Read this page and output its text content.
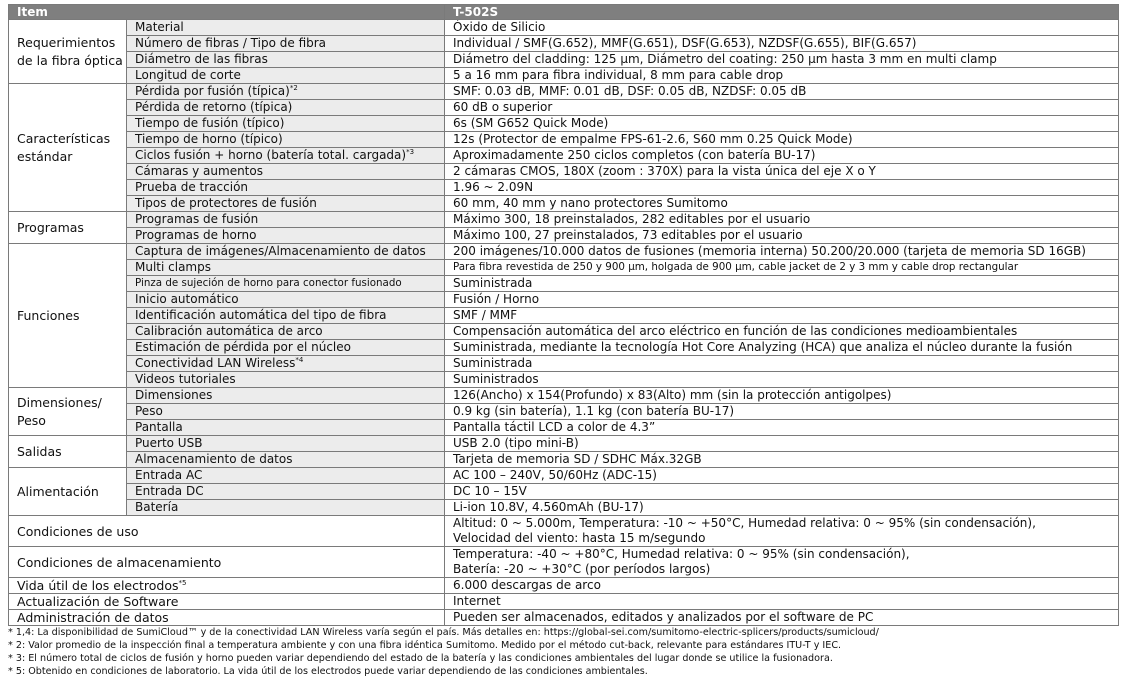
Item		T-502S
Requerimientos de la fibra óptica	Material	Óxido de Silicio
	Número de fibras / Tipo de fibra	Individual / SMF(G.652), MMF(G.651), DSF(G.653), NZDSF(G.655), BIF(G.657)
	Diámetro de las fibras	Diámetro del cladding: 125 µm, Diámetro del coating: 250 µm hasta 3 mm en multi clamp
	Longitud de corte	5 a 16 mm para fibra individual, 8 mm para cable drop
Características estándar	Pérdida por fusión (típica)$^{*2}$	SMF: 0.03 dB, MMF: 0.01 dB, DSF: 0.05 dB, NZDSF: 0.05 dB
	Pérdida de retorno (típica)	60 dB o superior
	Tiempo de fusión (típico)	6s (SM G652 Quick Mode)
	Tiempo de horno (típico)	12s (Protector de empalme FPS-61-2.6, S60 mm 0.25 Quick Mode)
	Ciclos fusión + horno (batería total. cargada)$^{*3}$	Aproximadamente 250 ciclos completos (con batería BU-17)
	Cámaras y aumentos	2 cámaras CMOS, 180X (zoom : 370X) para la vista única del eje X o Y
	Prueba de tracción	1.96 ~ 2.09N
	Tipos de protectores de fusión	60 mm, 40 mm y nano protectores Sumitomo
Programas	Programas de fusión	Máximo 300, 18 preinstalados, 282 editables por el usuario
	Programas de horno	Máximo 100, 27 preinstalados, 73 editables por el usuario
Funciones	Captura de imágenes/Almacenamiento de datos	200 imágenes/10.000 datos de fusiones (memoria interna) 50.200/20.000 (tarjeta de memoria SD 16GB)
	Multi clamps	Para fibra revestida de 250 y 900 µm, holgada de 900 µm, cable jacket de 2 y 3 mm y cable drop rectangular
	Pinza de sujeción de horno para conector fusionado	Suministrada
	Inicio automático	Fusión / Horno
	Identificación automática del tipo de fibra	SMF / MMF
	Calibración automática de arco	Compensación automática del arco eléctrico en función de las condiciones medioambientales
	Estimación de pérdida por el núcleo	Suministrada, mediante la tecnología Hot Core Analyzing (HCA) que analiza el núcleo durante la fusión
	Conectividad LAN Wireless$^{*4}$	Suministrada
	Videos tutoriales	Suministrados
Dimensiones/ Peso	Dimensiones	126(Ancho) x 154(Profundo) x 83(Alto) mm (sin la protección antigolpes)
	Peso	0.9 kg (sin batería), 1.1 kg (con batería BU-17)
	Pantalla	Pantalla táctil LCD a color de 4.3”
Salidas	Puerto USB	USB 2.0 (tipo mini-B)
	Almacenamiento de datos	Tarjeta de memoria SD / SDHC Máx.32GB
Alimentación	Entrada AC	AC 100 – 240V, 50/60Hz (ADC-15)
	Entrada DC	DC 10 – 15V
	Batería	Li-ion 10.8V, 4.560mAh (BU-17)
Condiciones de uso		Altitud: 0 ~ 5.000m, Temperatura: -10 ~ +50°C, Humedad relativa: 0 ~ 95% (sin condensación),
Velocidad del viento: hasta 15 m/segundo

Condiciones de almacenamiento		Temperatura: -40 ~ +80°C, Humedad relativa: 0 ~ 95% (sin condensación),
Batería: -20 ~ +30°C (por períodos largos)

Vida útil de los electrodos$^{*5}$		6.000 descargas de arco
Actualización de Software		Internet
Administración de datos		Pueden ser almacenados, editados y analizados por el software de PC
* 1,4: La disponibilidad de SumiCloud™ y de la conectividad LAN Wireless varía según el país. Más detalles en: https://global-sei.com/sumitomo-electric-splicers/products/sumicloud/
* 2: Valor promedio de la inspección final a temperatura ambiente y con una fibra idéntica Sumitomo. Medido por el método cut-back, relevante para estándares ITU-T y IEC.
* 3: El número total de ciclos de fusión y horno pueden variar dependiendo del estado de la batería y las condiciones ambientales del lugar donde se utilice la fusionadora.
* 5: Obtenido en condiciones de laboratorio. La vida útil de los electrodos puede variar dependiendo de las condiciones ambientales.
